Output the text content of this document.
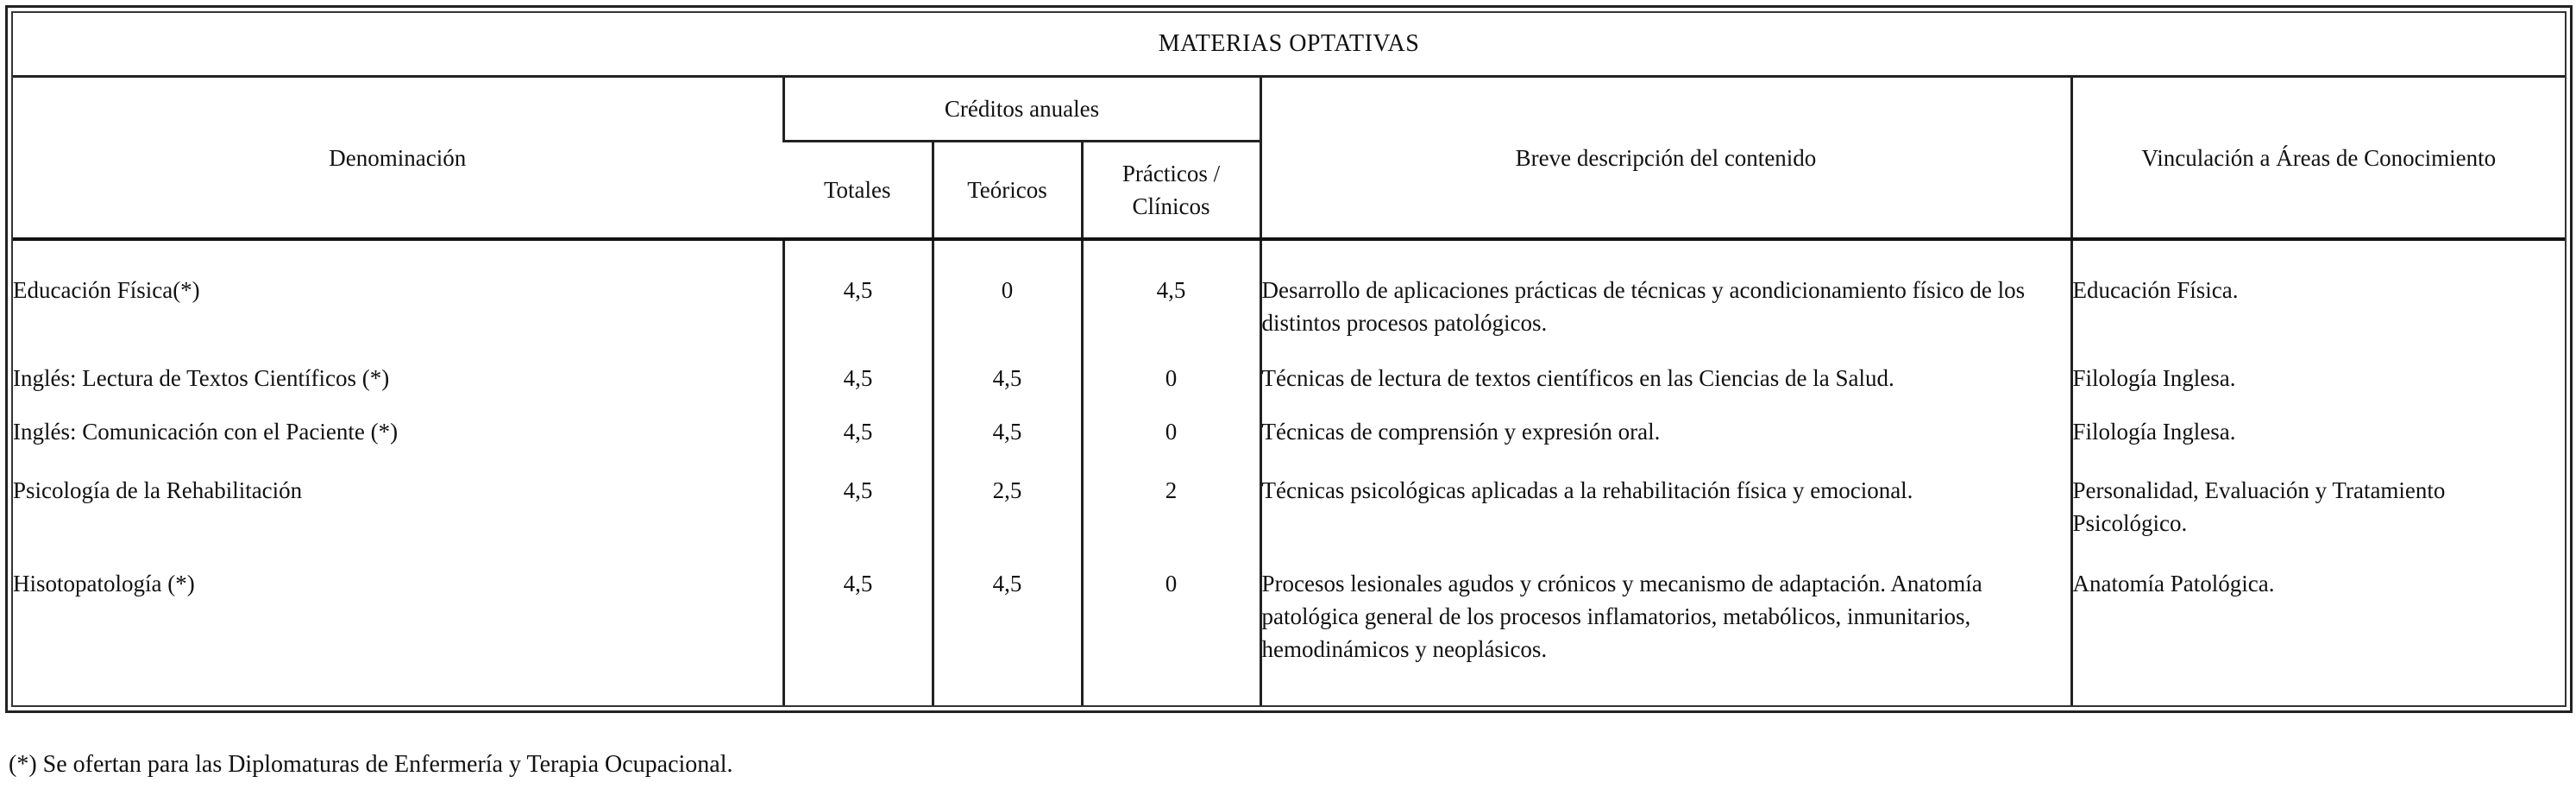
MATERIAS OPTATIVAS					
Denominación	Créditos anuales			Breve descripción del contenido	Vinculación a Áreas de Conocimiento
	Totales	Teóricos	Prácticos / Clínicos		
Educación Física(*)	4,5	0	4,5	Desarrollo de aplicaciones prácticas de técnicas y acondicionamiento físico de los distintos procesos patológicos.	Educación Física.
Inglés: Lectura de Textos Científicos (*)	4,5	4,5	0	Técnicas de lectura de textos científicos en las Ciencias de la Salud.	Filología Inglesa.
Inglés: Comunicación con el Paciente (*)	4,5	4,5	0	Técnicas de comprensión y expresión oral.	Filología Inglesa.
Psicología de la Rehabilitación	4,5	2,5	2	Técnicas psicológicas aplicadas a la rehabilitación física y emocional.	Personalidad, Evaluación y Tratamiento Psicológico.
Hisotopatología (*)	4,5	4,5	0	Procesos lesionales agudos y crónicos y mecanismo de adaptación. Anatomía patológica general de los procesos inflamatorios, metabólicos, inmunitarios, hemodinámicos y neoplásicos.	Anatomía Patológica.
(*) Se ofertan para las Diplomaturas de Enfermería y Terapia Ocupacional.
